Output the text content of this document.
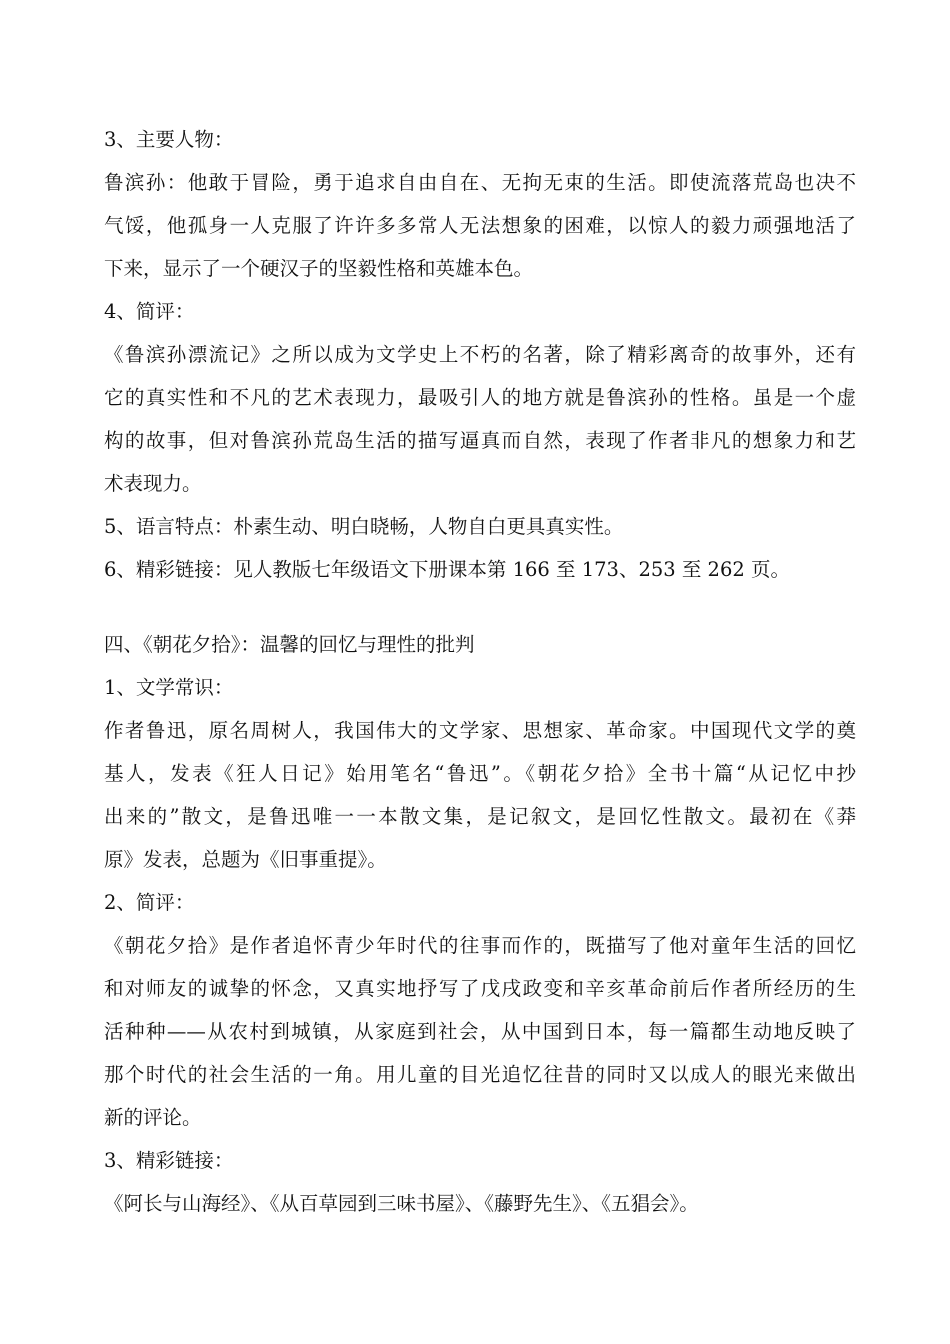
3、主要人物：
鲁滨孙：他敢于冒险，勇于追求自由自在、无拘无束的生活。即使流落荒岛也决不
气馁，他孤身一人克服了许许多多常人无法想象的困难，以惊人的毅力顽强地活了
下来，显示了一个硬汉子的坚毅性格和英雄本色。
4、简评：
《鲁滨孙漂流记》之所以成为文学史上不朽的名著，除了精彩离奇的故事外，还有
它的真实性和不凡的艺术表现力，最吸引人的地方就是鲁滨孙的性格。虽是一个虚
构的故事，但对鲁滨孙荒岛生活的描写逼真而自然，表现了作者非凡的想象力和艺
术表现力。
5、语言特点：朴素生动、明白晓畅，人物自白更具真实性。
6、精彩链接：见人教版七年级语文下册课本第 166 至 173、253 至 262 页。
四、《朝花夕拾》：温馨的回忆与理性的批判
1、文学常识：
作者鲁迅，原名周树人，我国伟大的文学家、思想家、革命家。中国现代文学的奠
基人，发表《狂人日记》始用笔名“鲁迅”。《朝花夕拾》全书十篇“从记忆中抄
出来的”散文，是鲁迅唯一一本散文集，是记叙文，是回忆性散文。最初在《莽
原》发表，总题为《旧事重提》。
2、简评：
《朝花夕拾》是作者追怀青少年时代的往事而作的，既描写了他对童年生活的回忆
和对师友的诚挚的怀念，又真实地抒写了戊戌政变和辛亥革命前后作者所经历的生
活种种——从农村到城镇，从家庭到社会，从中国到日本，每一篇都生动地反映了
那个时代的社会生活的一角。用儿童的目光追忆往昔的同时又以成人的眼光来做出
新的评论。
3、精彩链接：
《阿长与山海经》、《从百草园到三味书屋》、《藤野先生》、《五猖会》。
